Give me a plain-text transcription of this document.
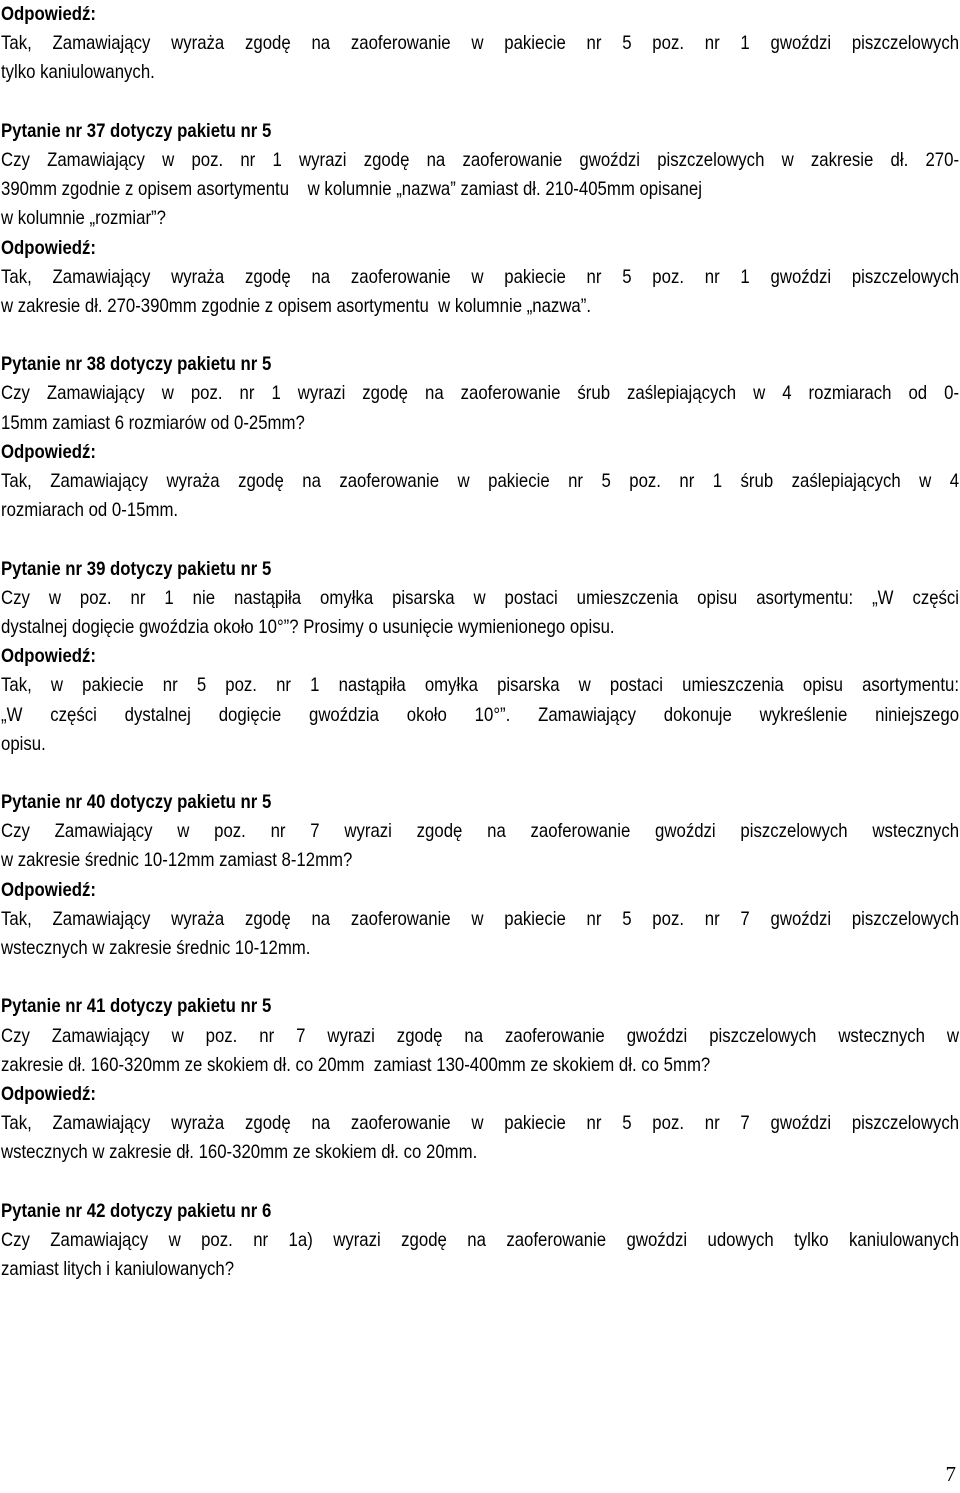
Odpowiedź:
Tak, Zamawiający wyraża zgodę na zaoferowanie w pakiecie nr 5 poz. nr 1 gwoździ piszczelowych
tylko kaniulowanych.
Pytanie nr 37 dotyczy pakietu nr 5
Czy Zamawiający w poz. nr 1 wyrazi zgodę na zaoferowanie gwoździ piszczelowych w zakresie dł. 270-
390mm zgodnie z opisem asortymentu    w kolumnie „nazwa” zamiast dł. 210-405mm opisanej
w kolumnie „rozmiar”?
Odpowiedź:
Tak, Zamawiający wyraża zgodę na zaoferowanie w pakiecie nr 5 poz. nr 1 gwoździ piszczelowych
w zakresie dł. 270-390mm zgodnie z opisem asortymentu  w kolumnie „nazwa”.
Pytanie nr 38 dotyczy pakietu nr 5
Czy Zamawiający w poz. nr 1 wyrazi zgodę na zaoferowanie śrub zaślepiających w 4 rozmiarach od 0-
15mm zamiast 6 rozmiarów od 0-25mm?
Odpowiedź:
Tak, Zamawiający wyraża zgodę na zaoferowanie w pakiecie nr 5 poz. nr 1 śrub zaślepiających w 4
rozmiarach od 0-15mm.
Pytanie nr 39 dotyczy pakietu nr 5
Czy w poz. nr 1 nie nastąpiła omyłka pisarska w postaci umieszczenia opisu asortymentu: „W części
dystalnej dogięcie gwoździa około 10°”? Prosimy o usunięcie wymienionego opisu.
Odpowiedź:
Tak, w pakiecie nr 5 poz. nr 1 nastąpiła omyłka pisarska w postaci umieszczenia opisu asortymentu:
„W części dystalnej dogięcie gwoździa około 10°”. Zamawiający dokonuje wykreślenie niniejszego
opisu.
Pytanie nr 40 dotyczy pakietu nr 5
Czy Zamawiający w poz. nr 7 wyrazi zgodę na zaoferowanie gwoździ piszczelowych wstecznych
w zakresie średnic 10-12mm zamiast 8-12mm?
Odpowiedź:
Tak, Zamawiający wyraża zgodę na zaoferowanie w pakiecie nr 5 poz. nr 7 gwoździ piszczelowych
wstecznych w zakresie średnic 10-12mm.
Pytanie nr 41 dotyczy pakietu nr 5
Czy Zamawiający w poz. nr 7 wyrazi zgodę na zaoferowanie gwoździ piszczelowych wstecznych w
zakresie dł. 160-320mm ze skokiem dł. co 20mm  zamiast 130-400mm ze skokiem dł. co 5mm?
Odpowiedź:
Tak, Zamawiający wyraża zgodę na zaoferowanie w pakiecie nr 5 poz. nr 7 gwoździ piszczelowych
wstecznych w zakresie dł. 160-320mm ze skokiem dł. co 20mm.
Pytanie nr 42 dotyczy pakietu nr 6
Czy Zamawiający w poz. nr 1a) wyrazi zgodę na zaoferowanie gwoździ udowych tylko kaniulowanych
zamiast litych i kaniulowanych?
7
